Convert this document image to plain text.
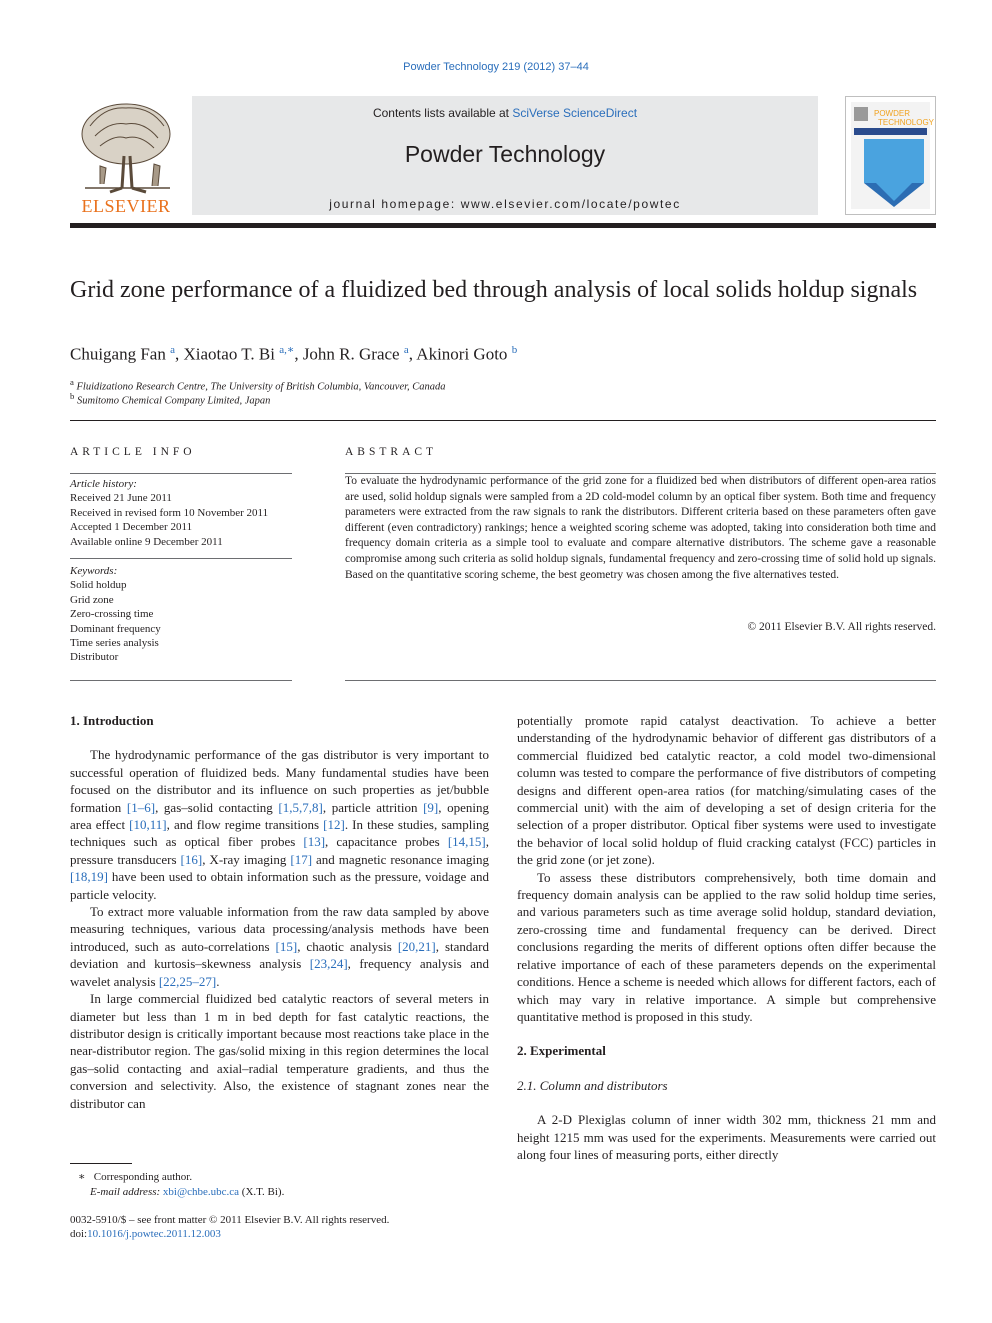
Powder Technology 219 (2012) 37–44
ELSEVIER
Contents lists available at SciVerse ScienceDirect
Powder Technology
journal homepage: www.elsevier.com/locate/powtec
POWDER
TECHNOLOGY
Grid zone performance of a fluidized bed through analysis of local solids holdup signals
Chuigang Fan $^a$, Xiaotao T. Bi $^{a,∗}$, John R. Grace $^a$, Akinori Goto $^b$
$^a$ Fluidizationo Research Centre, The University of British Columbia, Vancouver, Canada
$^b$ Sumitomo Chemical Company Limited, Japan
ARTICLE INFO
Article history:
Received 21 June 2011
Received in revised form 10 November 2011
Accepted 1 December 2011
Available online 9 December 2011
Keywords:
Solid holdup
Grid zone
Zero-crossing time
Dominant frequency
Time series analysis
Distributor
ABSTRACT
To evaluate the hydrodynamic performance of the grid zone for a fluidized bed when distributors of different open-area ratios are used, solid holdup signals were sampled from a 2D cold-model column by an optical fiber system. Both time and frequency parameters were extracted from the raw signals to rank the distributors. Different criteria based on these parameters often gave different (even contradictory) rankings; hence a weighted scoring scheme was adopted, taking into consideration both time and frequency domain criteria as a simple tool to evaluate and compare alternative distributors. The scheme gave a reasonable compromise among such criteria as solid holdup signals, fundamental frequency and zero-crossing time of solid hold up signals. Based on the quantitative scoring scheme, the best geometry was chosen among the five alternatives tested.
© 2011 Elsevier B.V. All rights reserved.
1. Introduction

The hydrodynamic performance of the gas distributor is very important to successful operation of fluidized beds. Many fundamental studies have been focused on the distributor and its influence on such properties as jet/bubble formation [1–6], gas–solid contacting [1,5,7,8], particle attrition [9], opening area effect [10,11], and flow regime transitions [12]. In these studies, sampling techniques such as optical fiber probes [13], capacitance probes [14,15], pressure transducers [16], X-ray imaging [17] and magnetic resonance imaging [18,19] have been used to obtain information such as the pressure, voidage and particle velocity.

To extract more valuable information from the raw data sampled by above measuring techniques, various data processing/analysis methods have been introduced, such as auto-correlations [15], chaotic analysis [20,21], standard deviation and kurtosis–skewness analysis [23,24], frequency analysis and wavelet analysis [22,25–27].

In large commercial fluidized bed catalytic reactors of several meters in diameter but less than 1 m in bed depth for fast catalytic reactions, the distributor design is critically important because most reactions take place in the near-distributor region. The gas/solid mixing in this region determines the local gas–solid contacting and axial–radial temperature gradients, and thus the conversion and selectivity. Also, the existence of stagnant zones near the distributor can

∗ Corresponding author.
E-mail address: xbi@chbe.ubc.ca (X.T. Bi).
0032-5910/$ – see front matter © 2011 Elsevier B.V. All rights reserved.
doi:10.1016/j.powtec.2011.12.003

potentially promote rapid catalyst deactivation. To achieve a better understanding of the hydrodynamic behavior of different gas distributors of a commercial fluidized bed catalytic reactor, a cold model two-dimensional column was tested to compare the performance of five distributors of competing designs and different open-area ratios (for matching/simulating cases of the commercial unit) with the aim of developing a set of design criteria for the selection of a proper distributor. Optical fiber systems were used to investigate the behavior of local solid holdup of fluid cracking catalyst (FCC) particles in the grid zone (or jet zone).

To assess these distributors comprehensively, both time domain and frequency domain analysis can be applied to the raw solid holdup time series, and various parameters such as time average solid holdup, standard deviation, zero-crossing time and fundamental frequency can be derived. Direct conclusions regarding the merits of different options often differ because the relative importance of each of these parameters depends on the experimental conditions. Hence a scheme is needed which allows for different factors, each of which may vary in relative importance. A simple but comprehensive quantitative method is proposed in this study.

2. Experimental
2.1. Column and distributors

A 2-D Plexiglas column of inner width 302 mm, thickness 21 mm and height 1215 mm was used for the experiments. Measurements were carried out along four lines of measuring ports, either directly
